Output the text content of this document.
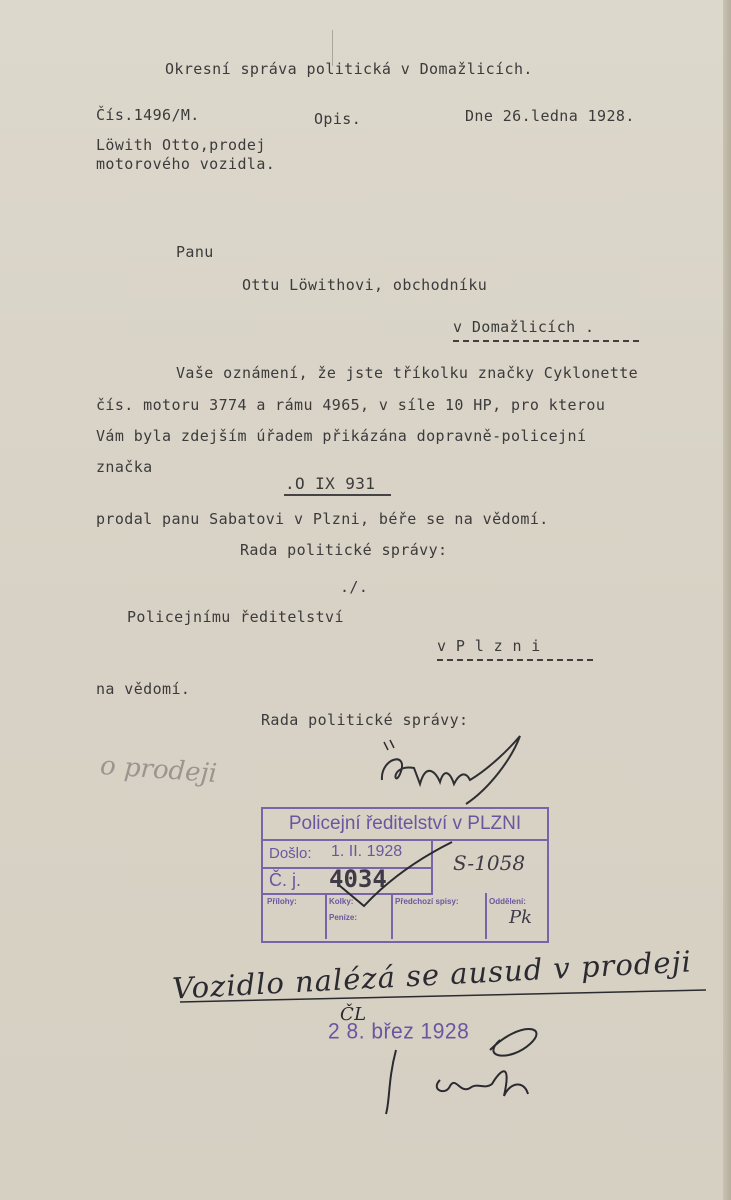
Okresní správa politická v Domažlicích.
Čís.1496/M.	Opis.	Dne 26.ledna 1928.
Löwith Otto,prodej
motorového vozidla.
Panu
Ottu Löwithovi, obchodníku
v Domažlicích .
Vaše oznámení, že jste tříkolku značky Cyklonette
čís. motoru 3774 a rámu 4965, v síle 10 HP, pro kterou
Vám byla zdejším úřadem přikázána dopravně-policejní
značka
.O IX 931
prodal panu Sabatovi v Plzni, béře se na vědomí.
Rada politické správy:
./.
Policejnímu ředitelství
v P l z n i
na vědomí.
Rada politické správy:
o prodeji
Policejní ředitelství v PLZNI
Došlo: 1. II. 1928
Č. j. 4034
S-1058
Přílohy:	Kolky:
Peníze:
Předchozí spisy:	Oddělení:
Pk
Vozidlo nalézá se ausud v prodeji
ČL
2 8. břez 1928
